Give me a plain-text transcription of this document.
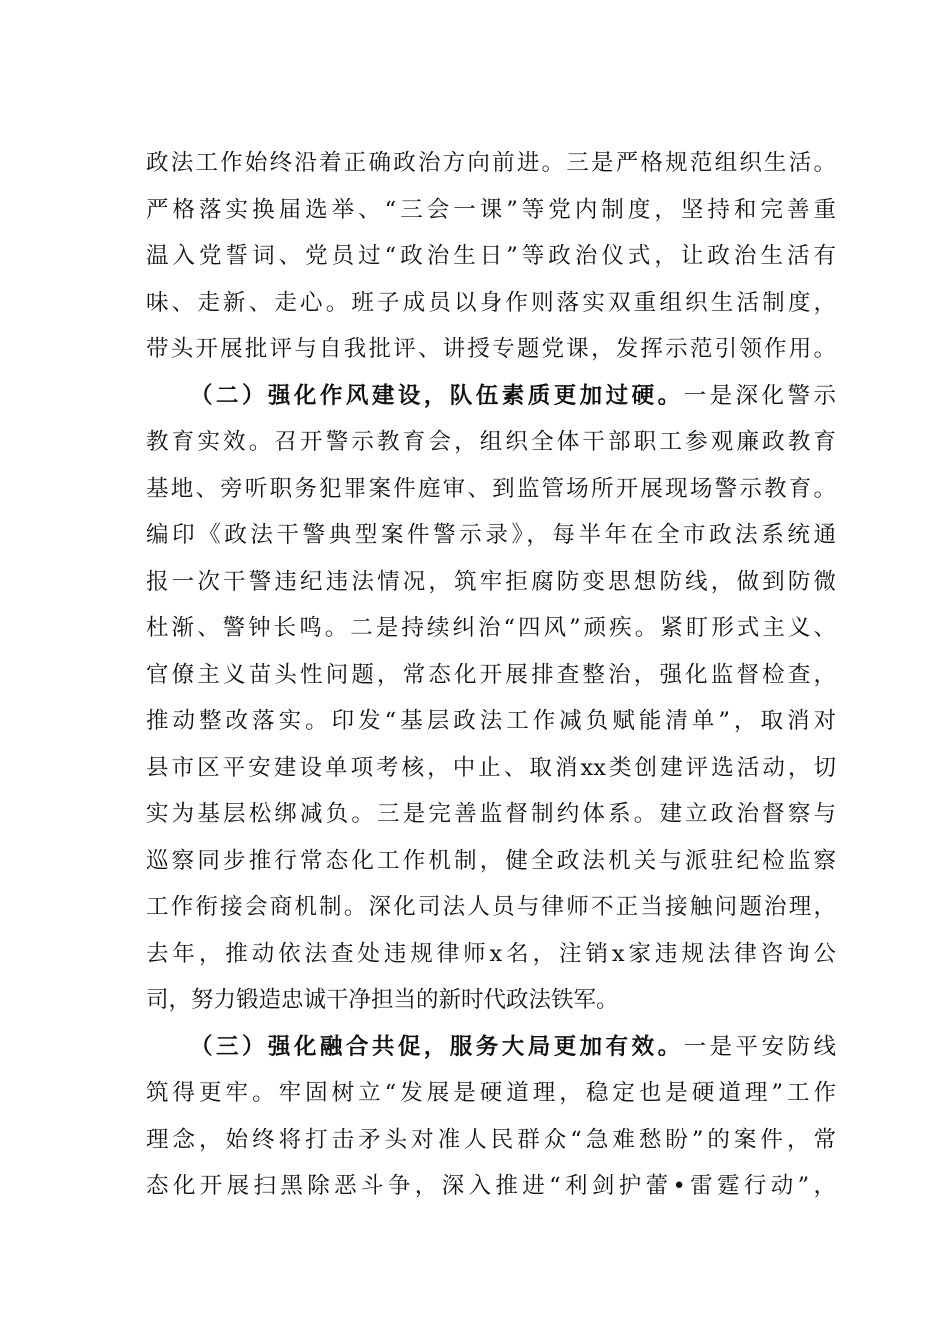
政法工作始终沿着正确政治方向前进。三是严格规范组织生活。
严格落实换届选举、“三会一课”等党内制度，坚持和完善重
温入党誓词、党员过“政治生日”等政治仪式，让政治生活有
味、走新、走心。班子成员以身作则落实双重组织生活制度，
带头开展批评与自我批评、讲授专题党课，发挥示范引领作用。
（二）强化作风建设，队伍素质更加过硬。一是深化警示
教育实效。召开警示教育会，组织全体干部职工参观廉政教育
基地、旁听职务犯罪案件庭审、到监管场所开展现场警示教育。
编印《政法干警典型案件警示录》，每半年在全市政法系统通
报一次干警违纪违法情况，筑牢拒腐防变思想防线，做到防微
杜渐、警钟长鸣。二是持续纠治“四风”顽疾。紧盯形式主义、
官僚主义苗头性问题，常态化开展排查整治，强化监督检查，
推动整改落实。印发“基层政法工作减负赋能清单”，取消对
县市区平安建设单项考核，中止、取消xx类创建评选活动，切
实为基层松绑减负。三是完善监督制约体系。建立政治督察与
巡察同步推行常态化工作机制，健全政法机关与派驻纪检监察
工作衔接会商机制。深化司法人员与律师不正当接触问题治理，
去年，推动依法查处违规律师x名，注销x家违规法律咨询公
司，努力锻造忠诚干净担当的新时代政法铁军。
（三）强化融合共促，服务大局更加有效。一是平安防线
筑得更牢。牢固树立“发展是硬道理，稳定也是硬道理”工作
理念，始终将打击矛头对准人民群众“急难愁盼”的案件，常
态化开展扫黑除恶斗争，深入推进“利剑护蕾•雷霆行动”，
